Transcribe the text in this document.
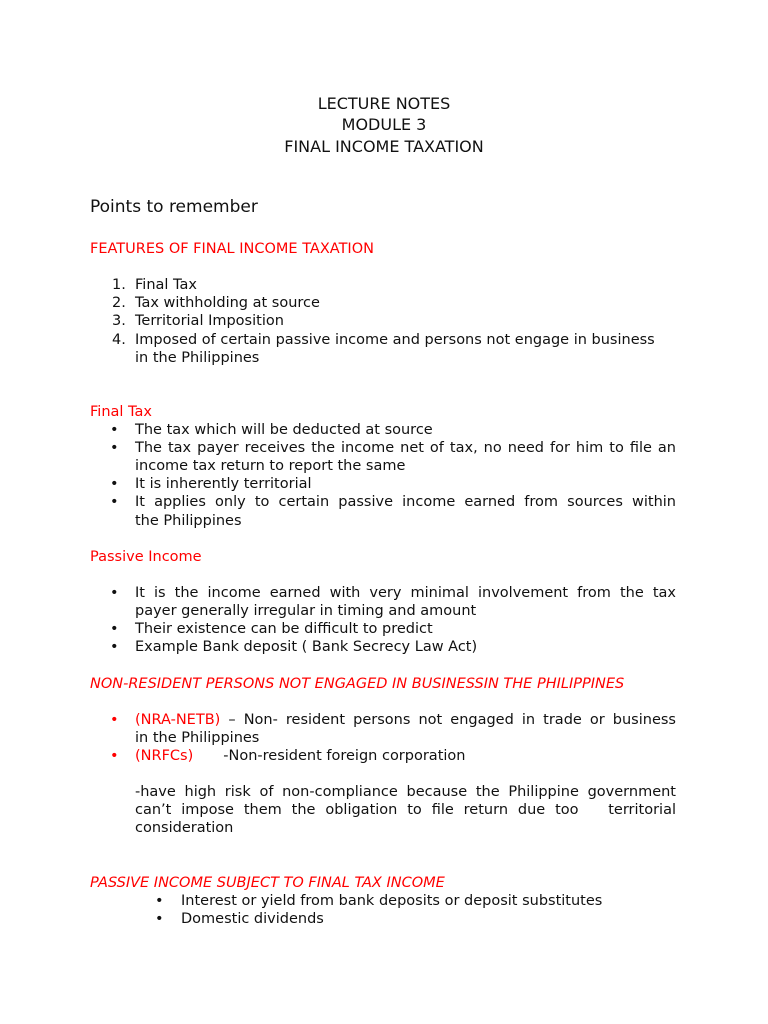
LECTURE NOTES
MODULE 3
FINAL INCOME TAXATION
Points to remember
FEATURES OF FINAL INCOME TAXATION
1. Final Tax
2. Tax withholding at source
3. Territorial Imposition
4. Imposed of certain passive income and persons not engage in business
in the Philippines
Final Tax
•	The tax which will be deducted at source
•	The tax payer receives the income net of tax, no need for him to file an
income tax return to report the same
•	It is inherently territorial
•	It applies only to certain passive income earned from sources within
the Philippines
Passive Income
•	It is the income earned with very minimal involvement from the tax
payer generally irregular in timing and amount
•	Their existence can be difficult to predict
•	Example Bank deposit ( Bank Secrecy Law Act)
NON-RESIDENT PERSONS NOT ENGAGED IN BUSINESSIN THE PHILIPPINES
•	(NRA-NETB) – Non- resident persons not engaged in trade or business
in the Philippines
•	(NRFCs) -Non-resident foreign corporation
-have high risk of non-compliance because the Philippine government
can’t impose them the obligation to file return due too   territorial
consideration
PASSIVE INCOME SUBJECT TO FINAL TAX INCOME
•	Interest or yield from bank deposits or deposit substitutes
•	Domestic dividends
